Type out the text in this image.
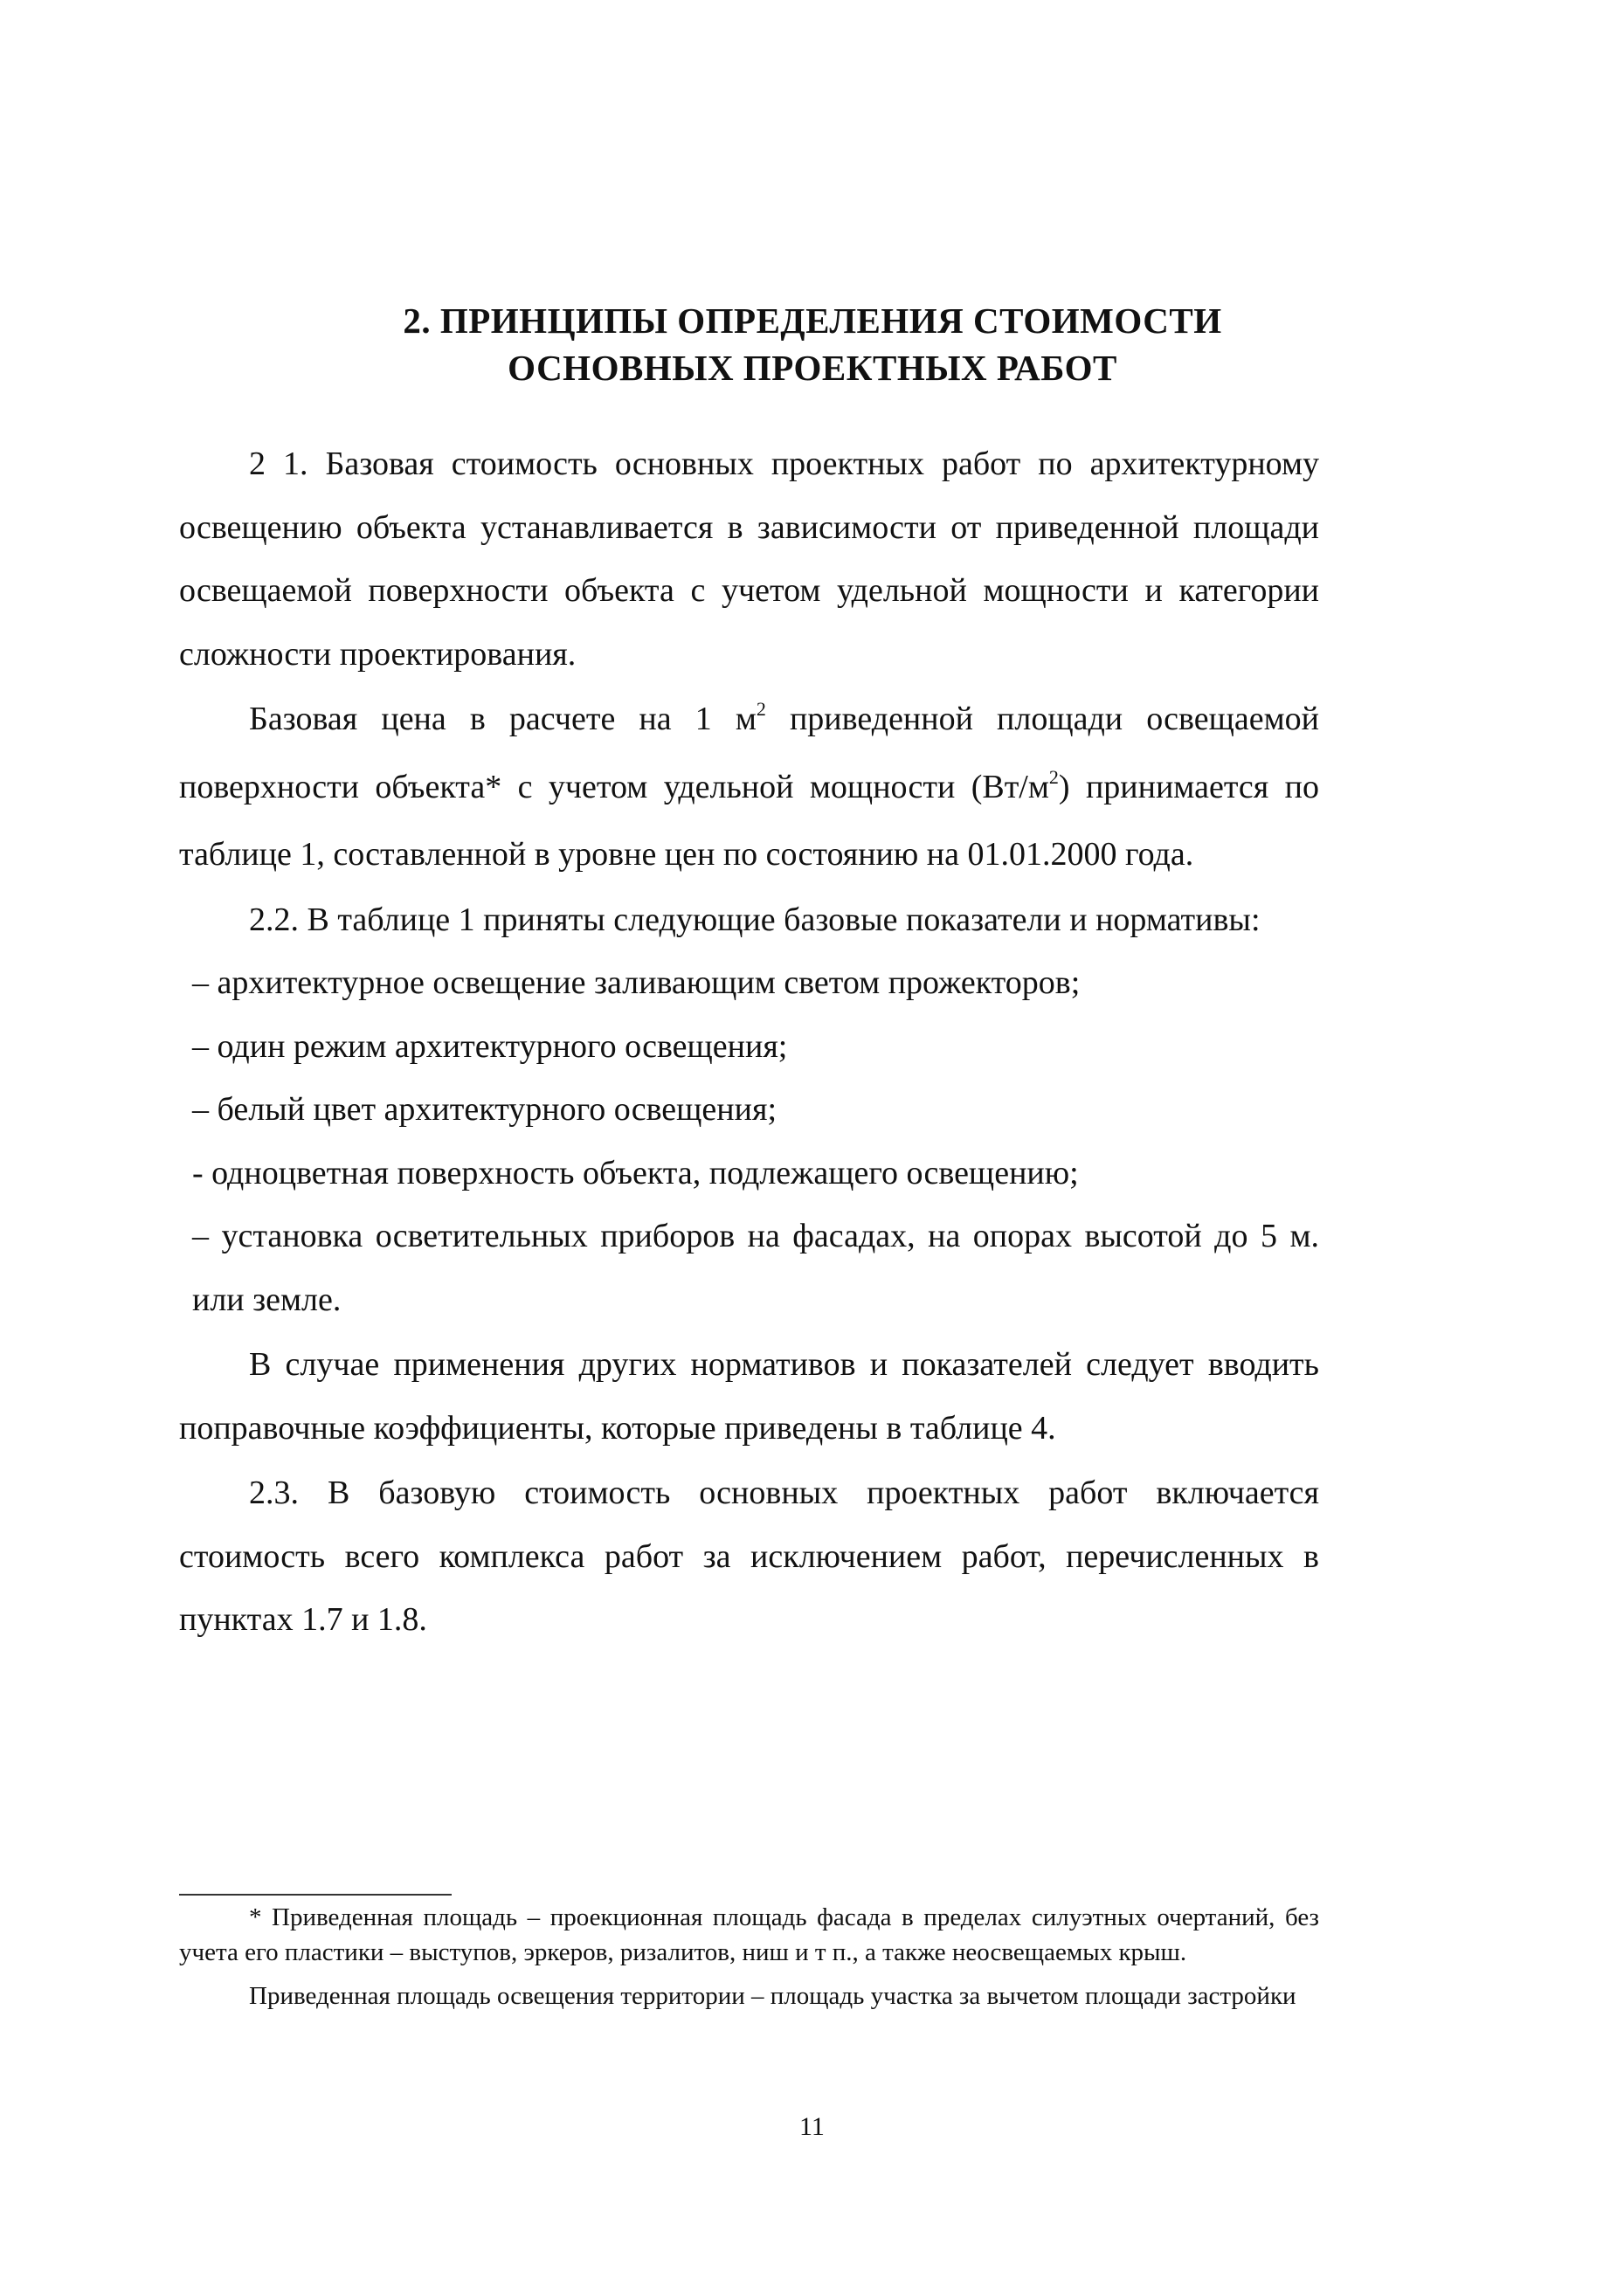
2. ПРИНЦИПЫ ОПРЕДЕЛЕНИЯ СТОИМОСТИ
ОСНОВНЫХ ПРОЕКТНЫХ РАБОТ

2 1. Базовая стоимость основных проектных работ по архитектурному освещению объекта устанавливается в зависимости от приведенной площади освещаемой поверхности объекта с учетом удельной мощности и категории сложности проектирования.

Базовая цена в расчете на 1 $м^2$ приведенной площади освещаемой поверхности объекта* с учетом удельной мощности $(Вт/м^2)$ принимается по таблице 1, составленной в уровне цен по состоянию на 01.01.2000 года.

2.2. В таблице 1 приняты следующие базовые показатели и нормативы:

– архитектурное освещение заливающим светом прожекторов;

– один режим архитектурного освещения;

– белый цвет архитектурного освещения;

- одноцветная поверхность объекта, подлежащего освещению;

– установка осветительных приборов на фасадах, на опорах высотой до 5 м. или земле.

В случае применения других нормативов и показателей следует вводить поправочные коэффициенты, которые приведены в таблице 4.

2.3. В базовую стоимость основных проектных работ включается стоимость всего комплекса работ за исключением работ, перечисленных в пунктах 1.7 и 1.8.

* Приведенная площадь – проекционная площадь фасада в пределах силуэтных очертаний, без учета его пластики – выступов, эркеров, ризалитов, ниш и т п., а также неосвещаемых крыш.

Приведенная площадь освещения территории – площадь участка за вычетом площади застройки

11
